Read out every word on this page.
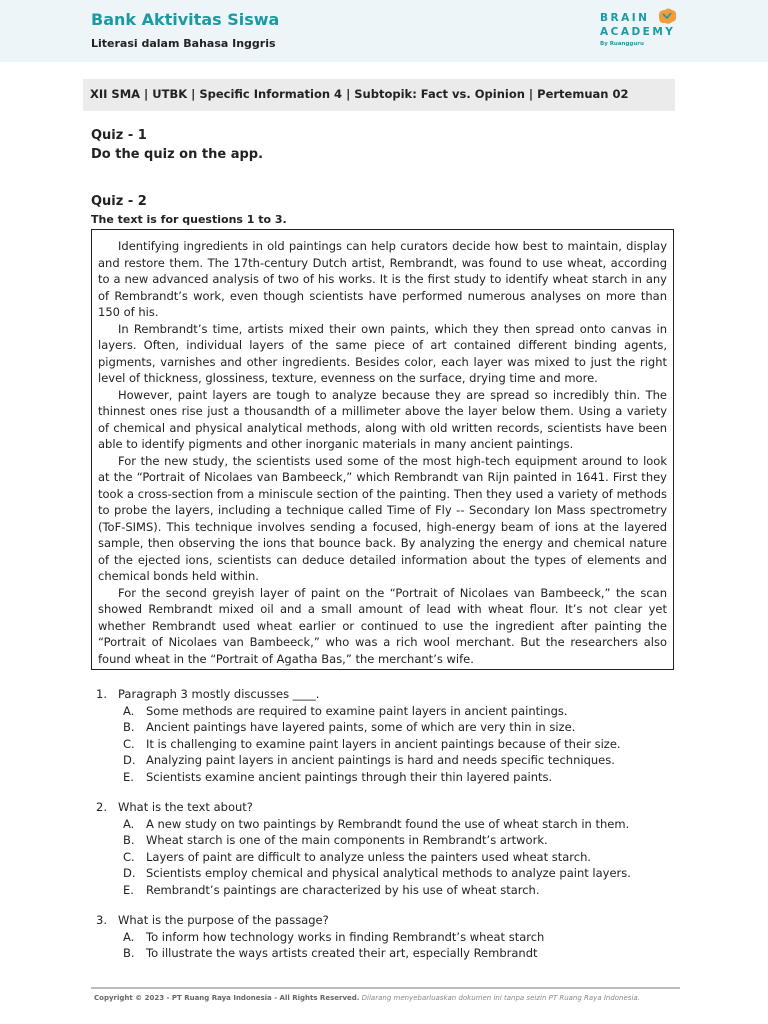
Bank Aktivitas Siswa
Literasi dalam Bahasa Inggris
BRAIN
ACADEMY
By Ruangguru
XII SMA | UTBK | Specific Information 4 | Subtopik: Fact vs. Opinion | Pertemuan 02
Quiz - 1
Do the quiz on the app.
Quiz - 2
The text is for questions 1 to 3.

Identifying ingredients in old paintings can help curators decide how best to maintain, display and restore them. The 17th-century Dutch artist, Rembrandt, was found to use wheat, according to a new advanced analysis of two of his works. It is the first study to identify wheat starch in any of Rembrandt’s work, even though scientists have performed numerous analyses on more than 150 of his.

In Rembrandt’s time, artists mixed their own paints, which they then spread onto canvas in layers. Often, individual layers of the same piece of art contained different binding agents, pigments, varnishes and other ingredients. Besides color, each layer was mixed to just the right level of thickness, glossiness, texture, evenness on the surface, drying time and more.

However, paint layers are tough to analyze because they are spread so incredibly thin. The thinnest ones rise just a thousandth of a millimeter above the layer below them. Using a variety of chemical and physical analytical methods, along with old written records, scientists have been able to identify pigments and other inorganic materials in many ancient paintings.

For the new study, the scientists used some of the most high-tech equipment around to look at the “Portrait of Nicolaes van Bambeeck,” which Rembrandt van Rijn painted in 1641. First they took a cross-section from a miniscule section of the painting. Then they used a variety of methods to probe the layers, including a technique called Time of Fly -- Secondary Ion Mass spectrometry (ToF-SIMS). This technique involves sending a focused, high-energy beam of ions at the layered sample, then observing the ions that bounce back. By analyzing the energy and chemical nature of the ejected ions, scientists can deduce detailed information about the types of elements and chemical bonds held within.

For the second greyish layer of paint on the “Portrait of Nicolaes van Bambeeck,” the scan showed Rembrandt mixed oil and a small amount of lead with wheat flour. It’s not clear yet whether Rembrandt used wheat earlier or continued to use the ingredient after painting the “Portrait of Nicolaes van Bambeeck,” who was a rich wool merchant. But the researchers also found wheat in the “Portrait of Agatha Bas,” the merchant’s wife.

1. Paragraph 3 mostly discusses ____.
A. Some methods are required to examine paint layers in ancient paintings.
B. Ancient paintings have layered paints, some of which are very thin in size.
C. It is challenging to examine paint layers in ancient paintings because of their size.
D. Analyzing paint layers in ancient paintings is hard and needs specific techniques.
E. Scientists examine ancient paintings through their thin layered paints.
2. What is the text about?
A. A new study on two paintings by Rembrandt found the use of wheat starch in them.
B. Wheat starch is one of the main components in Rembrandt’s artwork.
C. Layers of paint are difficult to analyze unless the painters used wheat starch.
D. Scientists employ chemical and physical analytical methods to analyze paint layers.
E. Rembrandt’s paintings are characterized by his use of wheat starch.
3. What is the purpose of the passage?
A. To inform how technology works in finding Rembrandt’s wheat starch
B. To illustrate the ways artists created their art, especially Rembrandt
Copyright © 2023 - PT Ruang Raya Indonesia - All Rights Reserved. Dilarang menyebarluaskan dokumen ini tanpa seizin PT Ruang Raya Indonesia.
